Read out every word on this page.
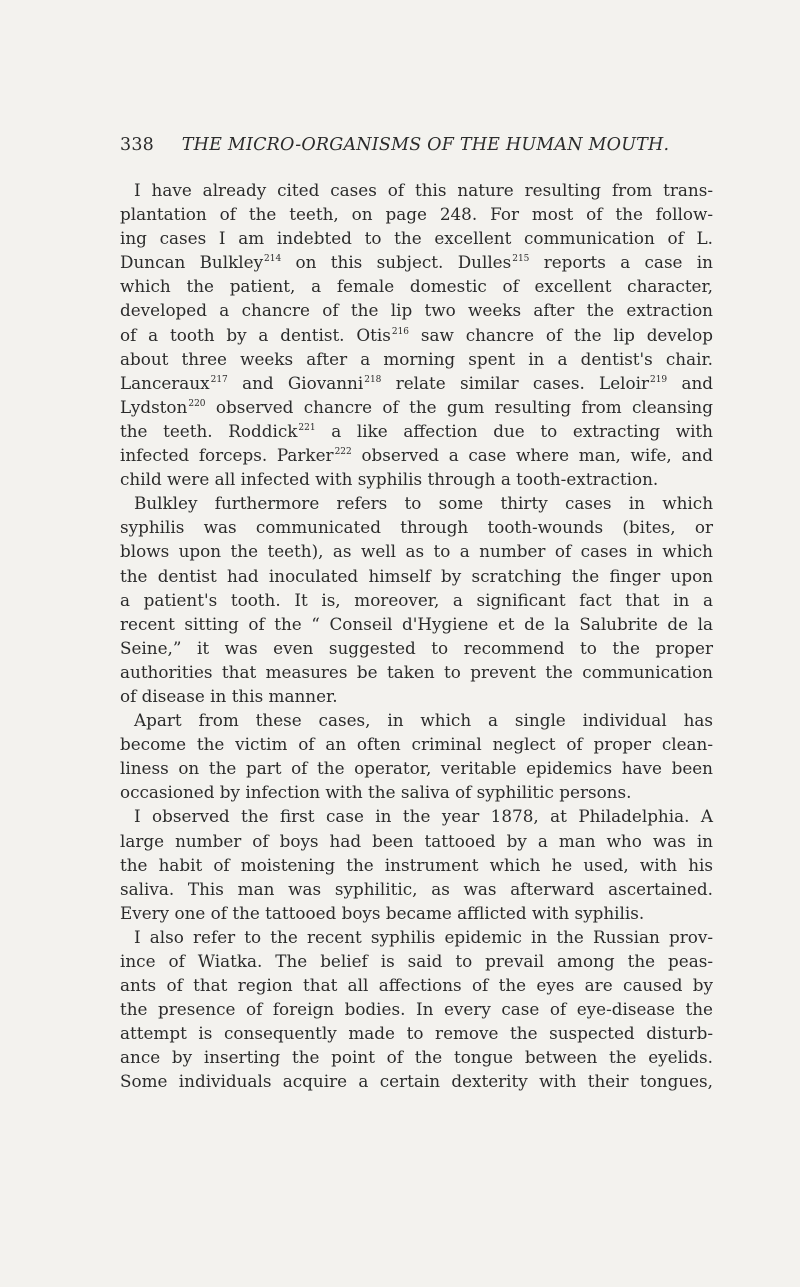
338 THE MICRO-ORGANISMS OF THE HUMAN MOUTH.
I have already cited cases of this nature resulting from trans-
plantation of the teeth, on page 248. For most of the follow-
ing cases I am indebted to the excellent communication of L.
Duncan Bulkley$^{214}$ on this subject. Dulles$^{215}$ reports a case in
which the patient, a female domestic of excellent character,
developed a chancre of the lip two weeks after the extraction
of a tooth by a dentist. Otis$^{216}$ saw chancre of the lip develop
about three weeks after a morning spent in a dentist's chair.
Lanceraux$^{217}$ and Giovanni$^{218}$ relate similar cases. Leloir$^{219}$ and
Lydston$^{220}$ observed chancre of the gum resulting from cleansing
the teeth. Roddick$^{221}$ a like affection due to extracting with
infected forceps. Parker$^{222}$ observed a case where man, wife, and
child were all infected with syphilis through a tooth-extraction.
Bulkley furthermore refers to some thirty cases in which
syphilis was communicated through tooth-wounds (bites, or
blows upon the teeth), as well as to a number of cases in which
the dentist had inoculated himself by scratching the finger upon
a patient's tooth. It is, moreover, a significant fact that in a
recent sitting of the “ Conseil d'Hygiene et de la Salubrite de la
Seine,” it was even suggested to recommend to the proper
authorities that measures be taken to prevent the communication
of disease in this manner.
Apart from these cases, in which a single individual has
become the victim of an often criminal neglect of proper clean-
liness on the part of the operator, veritable epidemics have been
occasioned by infection with the saliva of syphilitic persons.
I observed the first case in the year 1878, at Philadelphia. A
large number of boys had been tattooed by a man who was in
the habit of moistening the instrument which he used, with his
saliva. This man was syphilitic, as was afterward ascertained.
Every one of the tattooed boys became afflicted with syphilis.
I also refer to the recent syphilis epidemic in the Russian prov-
ince of Wiatka. The belief is said to prevail among the peas-
ants of that region that all affections of the eyes are caused by
the presence of foreign bodies. In every case of eye-disease the
attempt is consequently made to remove the suspected disturb-
ance by inserting the point of the tongue between the eyelids.
Some individuals acquire a certain dexterity with their tongues,
